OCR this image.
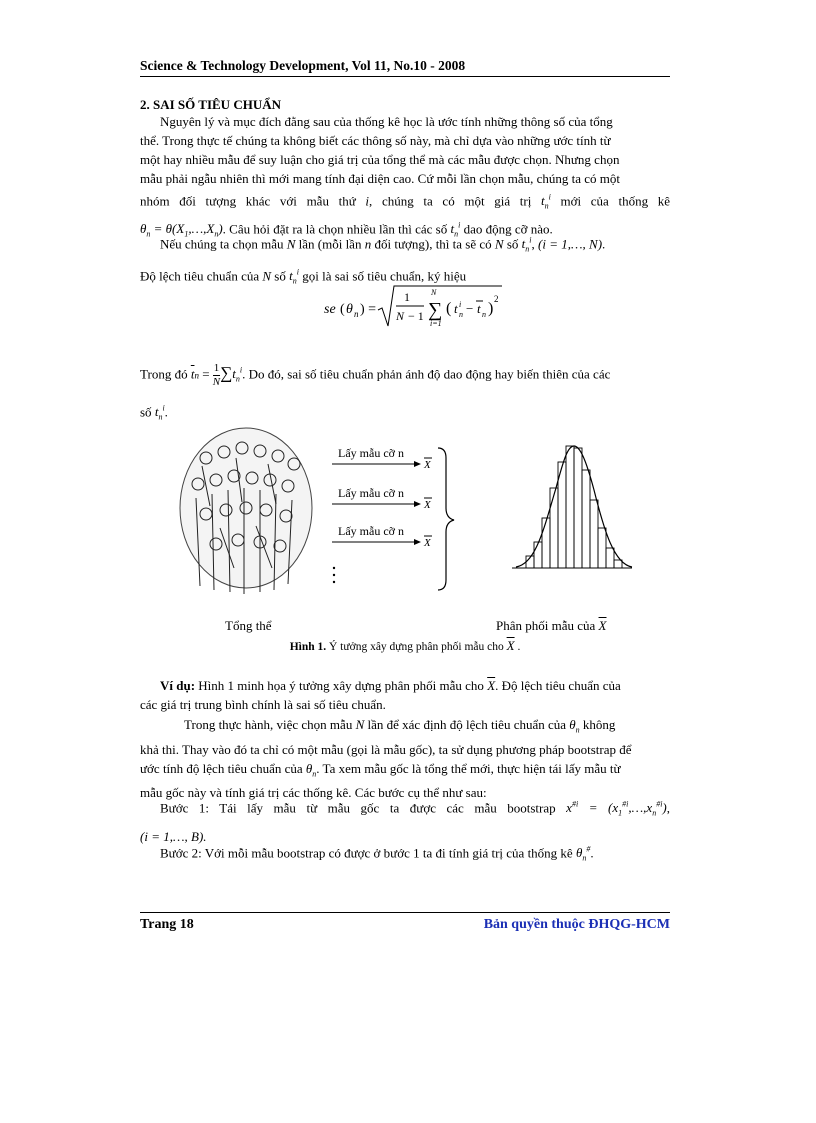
Science & Technology Development, Vol 11, No.10 - 2008
2. SAI SỐ TIÊU CHUẨN

Nguyên lý và mục đích đằng sau của thống kê học là ước tính những thông số của tổng

thể. Trong thực tế chúng ta không biết các thông số này, mà chỉ dựa vào những ước tính từ

một hay nhiều mẫu để suy luận cho giá trị của tổng thể mà các mẫu được chọn. Nhưng chọn

mẫu phải ngẫu nhiên thì mới mang tính đại diện cao. Cứ mỗi lần chọn mẫu, chúng ta có một

nhóm đối tượng khác với mẫu thứ i, chúng ta có một giá trị $t_n^i$ mới của thống kê

$\theta_n$ = $\theta(X_1,\dots,X_n)$. Câu hỏi đặt ra là chọn nhiều lần thì các số $t_n^i$ dao động cỡ nào.

Nếu chúng ta chọn mẫu N lần (mỗi lần n đối tượng), thì ta sẽ có N số $t_n^i$, (i = 1,…, N).

Độ lệch tiêu chuẩn của N số $t_n^i$ gọi là sai số tiêu chuẩn, ký hiệu

se ( θ n ) =
1
N − 1 ∑
N
i=1
( t i
n − t n )
2

Trong đó $\overline{t}n = \frac{1}{N} \sum t_n^i$. Do đó, sai số tiêu chuẩn phản ánh độ dao động hay biến thiên của các

số $t_n^i$.

Lấy mẫu cỡ n
X
Lấy mẫu cỡ n
X
Lấy mẫu cỡ n
X
Tổng thể	Phân phối mẫu của $\overline{X}$
Hình 1. Ý tưởng xây dựng phân phối mẫu cho $\overline{X}$ .

Ví dụ: Hình 1 minh họa ý tưởng xây dựng phân phối mẫu cho $\overline{X}$. Độ lệch tiêu chuẩn của

các giá trị trung bình chính là sai số tiêu chuẩn.

Trong thực hành, việc chọn mẫu N lần để xác định độ lệch tiêu chuẩn của $\theta_n$ không

khả thi. Thay vào đó ta chỉ có một mẫu (gọi là mẫu gốc), ta sử dụng phương pháp bootstrap để

ước tính độ lệch tiêu chuẩn của $\theta_n$. Ta xem mẫu gốc là tổng thể mới, thực hiện tái lấy mẫu từ

mẫu gốc này và tính giá trị các thống kê. Các bước cụ thể như sau:

Bước 1: Tái lấy mẫu từ mẫu gốc ta được các mẫu bootstrap $x^{\#i}$ = $(x_1^{\#i},\dots,x_n^{\#i})$,

(i = 1,…, B).

Bước 2: Với mỗi mẫu bootstrap có được ở bước 1 ta đi tính giá trị của thống kê $\theta_n^{\#}$.

Trang 18	Bản quyền thuộc ĐHQG-HCM
